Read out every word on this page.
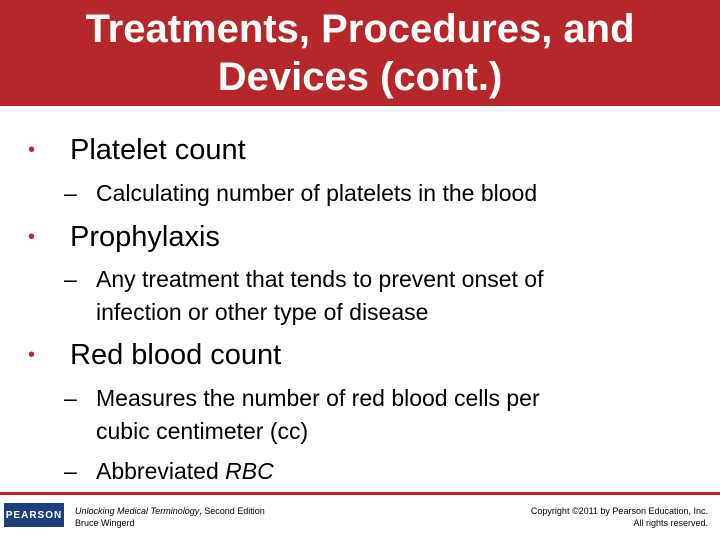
Treatments, Procedures, and
Devices (cont.)
• Platelet count
– Calculating number of platelets in the blood
• Prophylaxis
– Any treatment that tends to prevent onset of
infection or other type of disease
• Red blood count
– Measures the number of red blood cells per
cubic centimeter (cc)
– Abbreviated RBC
PEARSON Unlocking Medical Terminology, Second Edition
Bruce Wingerd
Copyright ©2011 by Pearson Education, Inc.
All rights reserved.
